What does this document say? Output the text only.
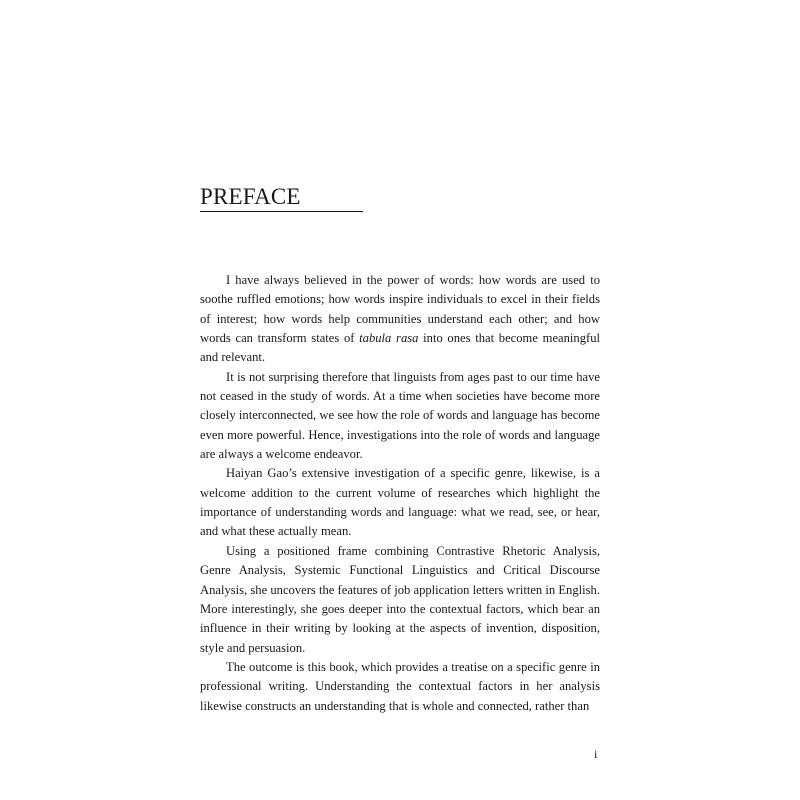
PREFACE

I have always believed in the power of words: how words are used to soothe ruffled emotions; how words inspire individuals to excel in their fields of interest; how words help communities understand each other; and how words can transform states of tabula rasa into ones that become meaningful and relevant.

It is not surprising therefore that linguists from ages past to our time have not ceased in the study of words. At a time when societies have become more closely interconnected, we see how the role of words and language has become even more powerful. Hence, investigations into the role of words and language are always a welcome endeavor.

Haiyan Gao’s extensive investigation of a specific genre, likewise, is a welcome addition to the current volume of researches which highlight the importance of understanding words and language: what we read, see, or hear, and what these actually mean.

Using a positioned frame combining Contrastive Rhetoric Analysis, Genre Analysis, Systemic Functional Linguistics and Critical Discourse Analysis, she uncovers the features of job application letters written in English. More interestingly, she goes deeper into the contextual factors, which bear an influence in their writing by looking at the aspects of invention, disposition, style and persuasion.

The outcome is this book, which provides a treatise on a specific genre in professional writing. Understanding the contextual factors in her analysis likewise constructs an understanding that is whole and connected, rather than

i
